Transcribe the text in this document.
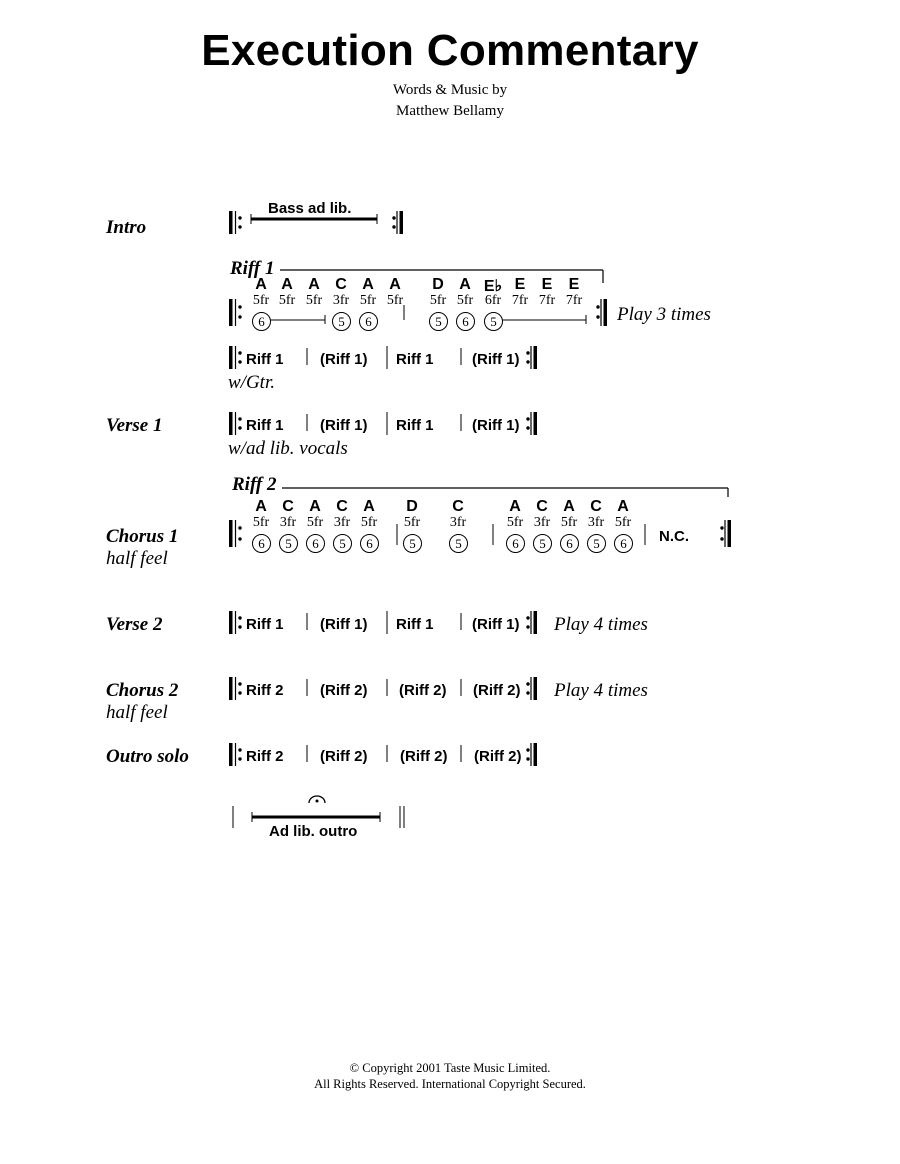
Execution Commentary
Words & Music by
Matthew Bellamy
Intro
Bass ad lib.
Riff 1
A A A C A A	D A E♭ E	E	E
5fr 5fr 5fr 3fr 5fr 5fr	5fr 5fr 6fr 7fr 7fr 7fr
6	5	6	5	6	5	Play 3 times
Riff 1 (Riff 1) Riff 1	(Riff 1)
w/Gtr.
Verse 1	Riff 1 (Riff 1) Riff 1	(Riff 1)
w/ad lib. vocals
Riff 2
Chorus 1
half feel
A C A C A	D	C	A C A C A
5fr 3fr 5fr 3fr 5fr	5fr	3fr	5fr 3fr 5fr 3fr 5fr
6	5	6	5	6	5	5	6	5	6	5	6	N.C.
Verse 2	Riff 1 (Riff 1) Riff 1	(Riff 1) Play 4 times
Chorus 2
half feel
Riff 2 (Riff 2) (Riff 2) (Riff 2) Play 4 times
Outro solo	Riff 2 (Riff 2) (Riff 2) (Riff 2)
Ad lib. outro
© Copyright 2001 Taste Music Limited.
All Rights Reserved. International Copyright Secured.
